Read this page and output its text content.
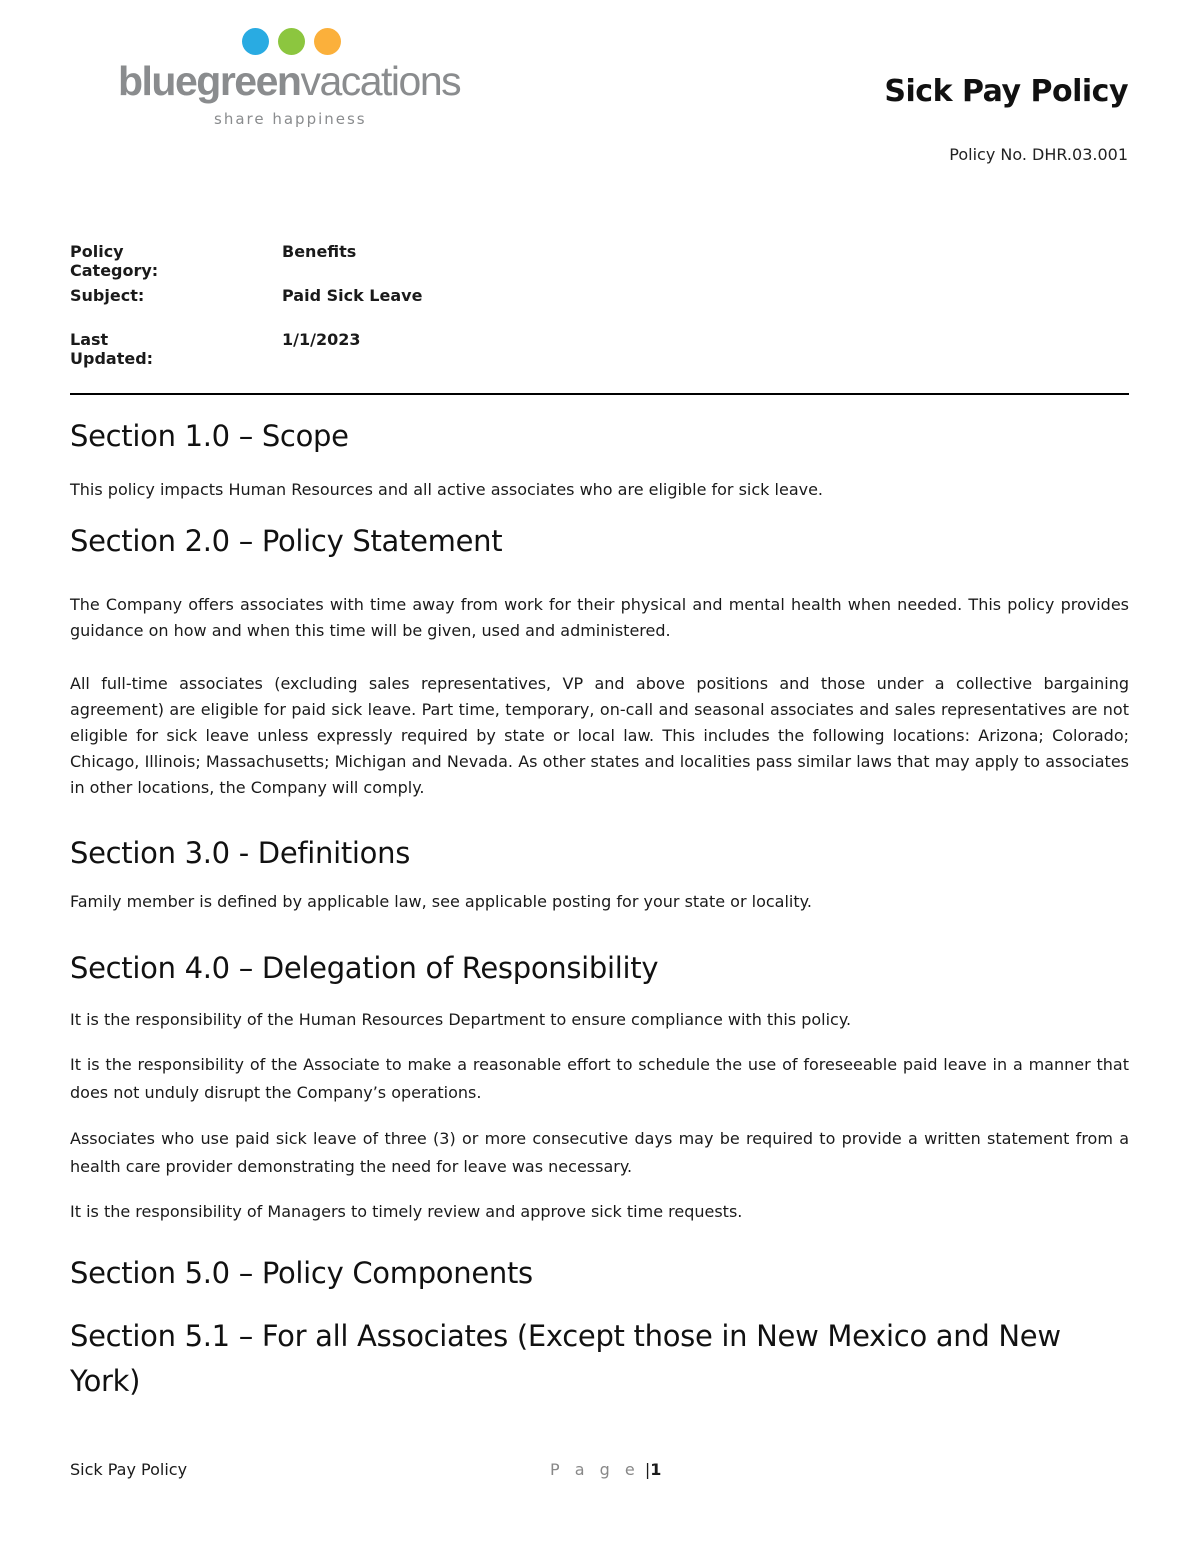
bluegreenvacations
share happiness
Sick Pay Policy
Policy No. DHR.03.001
Policy Category:
Benefits
Subject:	Paid Sick Leave
Last Updated:
1/1/2023
Section 1.0 – Scope

This policy impacts Human Resources and all active associates who are eligible for sick leave.

Section 2.0 – Policy Statement

The Company offers associates with time away from work for their physical and mental health when needed. This policy provides guidance on how and when this time will be given, used and administered.

All full-time associates (excluding sales representatives, VP and above positions and those under a collective bargaining agreement) are eligible for paid sick leave. Part time, temporary, on-call and seasonal associates and sales representatives are not eligible for sick leave unless expressly required by state or local law. This includes the following locations: Arizona; Colorado; Chicago, Illinois; Massachusetts; Michigan and Nevada. As other states and localities pass similar laws that may apply to associates in other locations, the Company will comply.

Section 3.0 - Definitions

Family member is defined by applicable law, see applicable posting for your state or locality.

Section 4.0 – Delegation of Responsibility

It is the responsibility of the Human Resources Department to ensure compliance with this policy.

It is the responsibility of the Associate to make a reasonable effort to schedule the use of foreseeable paid leave in a manner that does not unduly disrupt the Company’s operations.

Associates who use paid sick leave of three (3) or more consecutive days may be required to provide a written statement from a health care provider demonstrating the need for leave was necessary.

It is the responsibility of Managers to timely review and approve sick time requests.

Section 5.0 – Policy Components
Section 5.1 – For all Associates (Except those in New Mexico and New York)
Sick Pay Policy	P a g e |1
